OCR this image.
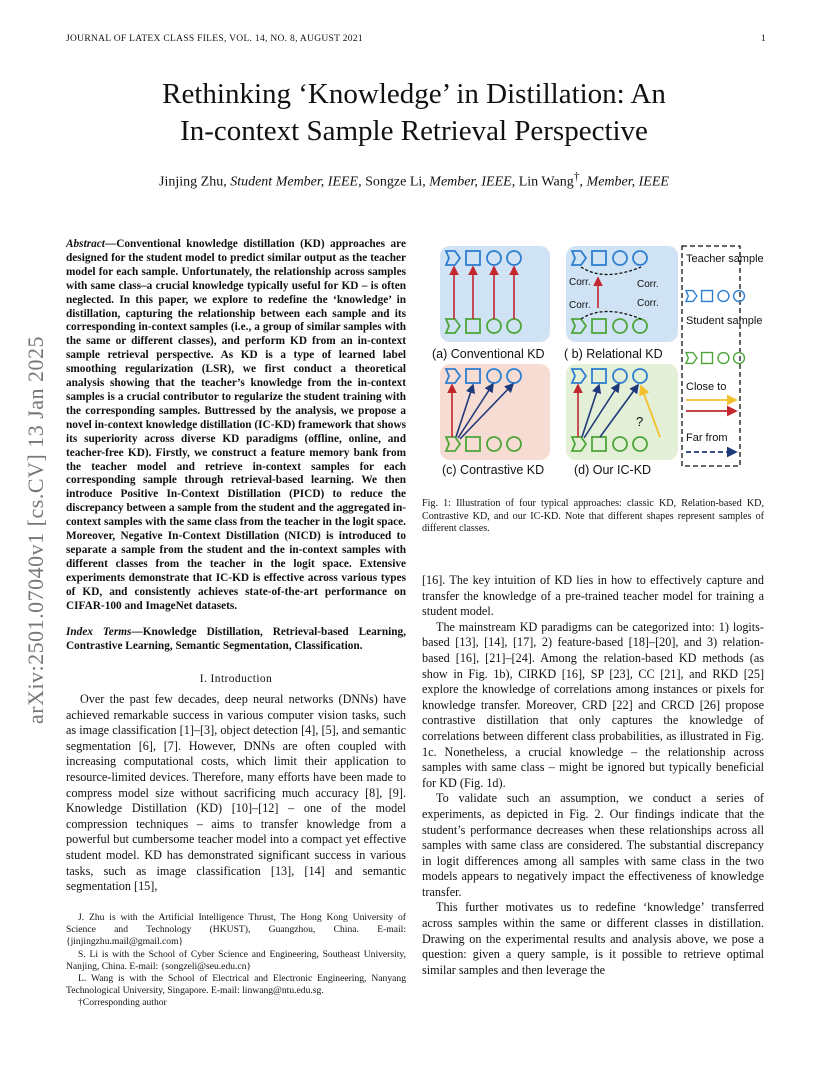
JOURNAL OF LATEX CLASS FILES, VOL. 14, NO. 8, AUGUST 2021	1
Rethinking ‘Knowledge’ in Distillation: An
In-context Sample Retrieval Perspective
Jinjing Zhu, Student Member, IEEE, Songze Li, Member, IEEE, Lin Wang†, Member, IEEE
arXiv:2501.07040v1 [cs.CV] 13 Jan 2025
Abstract—Conventional knowledge distillation (KD) approaches are designed for the student model to predict similar output as the teacher model for each sample. Unfortunately, the relationship across samples with same class–a crucial knowledge typically useful for KD – is often neglected. In this paper, we explore to redefine the ‘knowledge’ in distillation, capturing the relationship between each sample and its corresponding in-context samples (i.e., a group of similar samples with the same or different classes), and perform KD from an in-context sample retrieval perspective. As KD is a type of learned label smoothing regularization (LSR), we first conduct a theoretical analysis showing that the teacher’s knowledge from the in-context samples is a crucial contributor to regularize the student training with the corresponding samples. Buttressed by the analysis, we propose a novel in-context knowledge distillation (IC-KD) framework that shows its superiority across diverse KD paradigms (offline, online, and teacher-free KD). Firstly, we construct a feature memory bank from the teacher model and retrieve in-context samples for each corresponding sample through retrieval-based learning. We then introduce Positive In-Context Distillation (PICD) to reduce the discrepancy between a sample from the student and the aggregated in-context samples with the same class from the teacher in the logit space. Moreover, Negative In-Context Distillation (NICD) is introduced to separate a sample from the student and the in-context samples with different classes from the teacher in the logit space. Extensive experiments demonstrate that IC-KD is effective across various types of KD, and consistently achieves state-of-the-art performance on CIFAR-100 and ImageNet datasets.
Index Terms—Knowledge Distillation, Retrieval-based Learning, Contrastive Learning, Semantic Segmentation, Classification.
I. Introduction

Over the past few decades, deep neural networks (DNNs) have achieved remarkable success in various computer vision tasks, such as image classification [1]–[3], object detection [4], [5], and semantic segmentation [6], [7]. However, DNNs are often coupled with increasing computational costs, which limit their application to resource-limited devices. Therefore, many efforts have been made to compress model size without sacrificing much accuracy [8], [9]. Knowledge Distillation (KD) [10]–[12] – one of the model compression techniques – aims to transfer knowledge from a powerful but cumbersome teacher model into a compact yet effective student model. KD has demonstrated significant success in various tasks, such as image classification [13], [14] and semantic segmentation [15],

J. Zhu is with the Artificial Intelligence Thrust, The Hong Kong University of Science and Technology (HKUST), Guangzhou, China. E-mail: {jinjingzhu.mail@gmail.com}

S. Li is with the School of Cyber Science and Engineering, Southeast University, Nanjing, China. E-mail: {songzeli@seu.edu.cn}

L. Wang is with the School of Electrical and Electronic Engineering, Nanyang Technological University, Singapore. E-mail: linwang@ntu.edu.sg.

†Corresponding author

(a) Conventional KD
Corr.	Corr.
Corr.	Corr.
( b) Relational KD
(c) Contrastive KD
?
(d) Our IC-KD
Teacher sample
Student sample
Close to
Far from
Fig. 1: Illustration of four typical approaches: classic KD, Relation-based KD, Contrastive KD, and our IC-KD. Note that different shapes represent samples of different classes.

[16]. The key intuition of KD lies in how to effectively capture and transfer the knowledge of a pre-trained teacher model for training a student model.

The mainstream KD paradigms can be categorized into: 1) logits-based [13], [14], [17], 2) feature-based [18]–[20], and 3) relation-based [16], [21]–[24]. Among the relation-based KD methods (as show in Fig. 1b), CIRKD [16], SP [23], CC [21], and RKD [25] explore the knowledge of correlations among instances or pixels for knowledge transfer. Moreover, CRD [22] and CRCD [26] propose contrastive distillation that only captures the knowledge of correlations between different class probabilities, as illustrated in Fig. 1c. Nonetheless, a crucial knowledge – the relationship across samples with same class – might be ignored but typically beneficial for KD (Fig. 1d).

To validate such an assumption, we conduct a series of experiments, as depicted in Fig. 2. Our findings indicate that the student’s performance decreases when these relationships across all samples with same class are considered. The substantial discrepancy in logit differences among all samples with same class in the two models appears to negatively impact the effectiveness of knowledge transfer.

This further motivates us to redefine ‘knowledge’ transferred across samples within the same or different classes in distillation. Drawing on the experimental results and analysis above, we pose a question: given a query sample, is it possible to retrieve optimal similar samples and then leverage the
